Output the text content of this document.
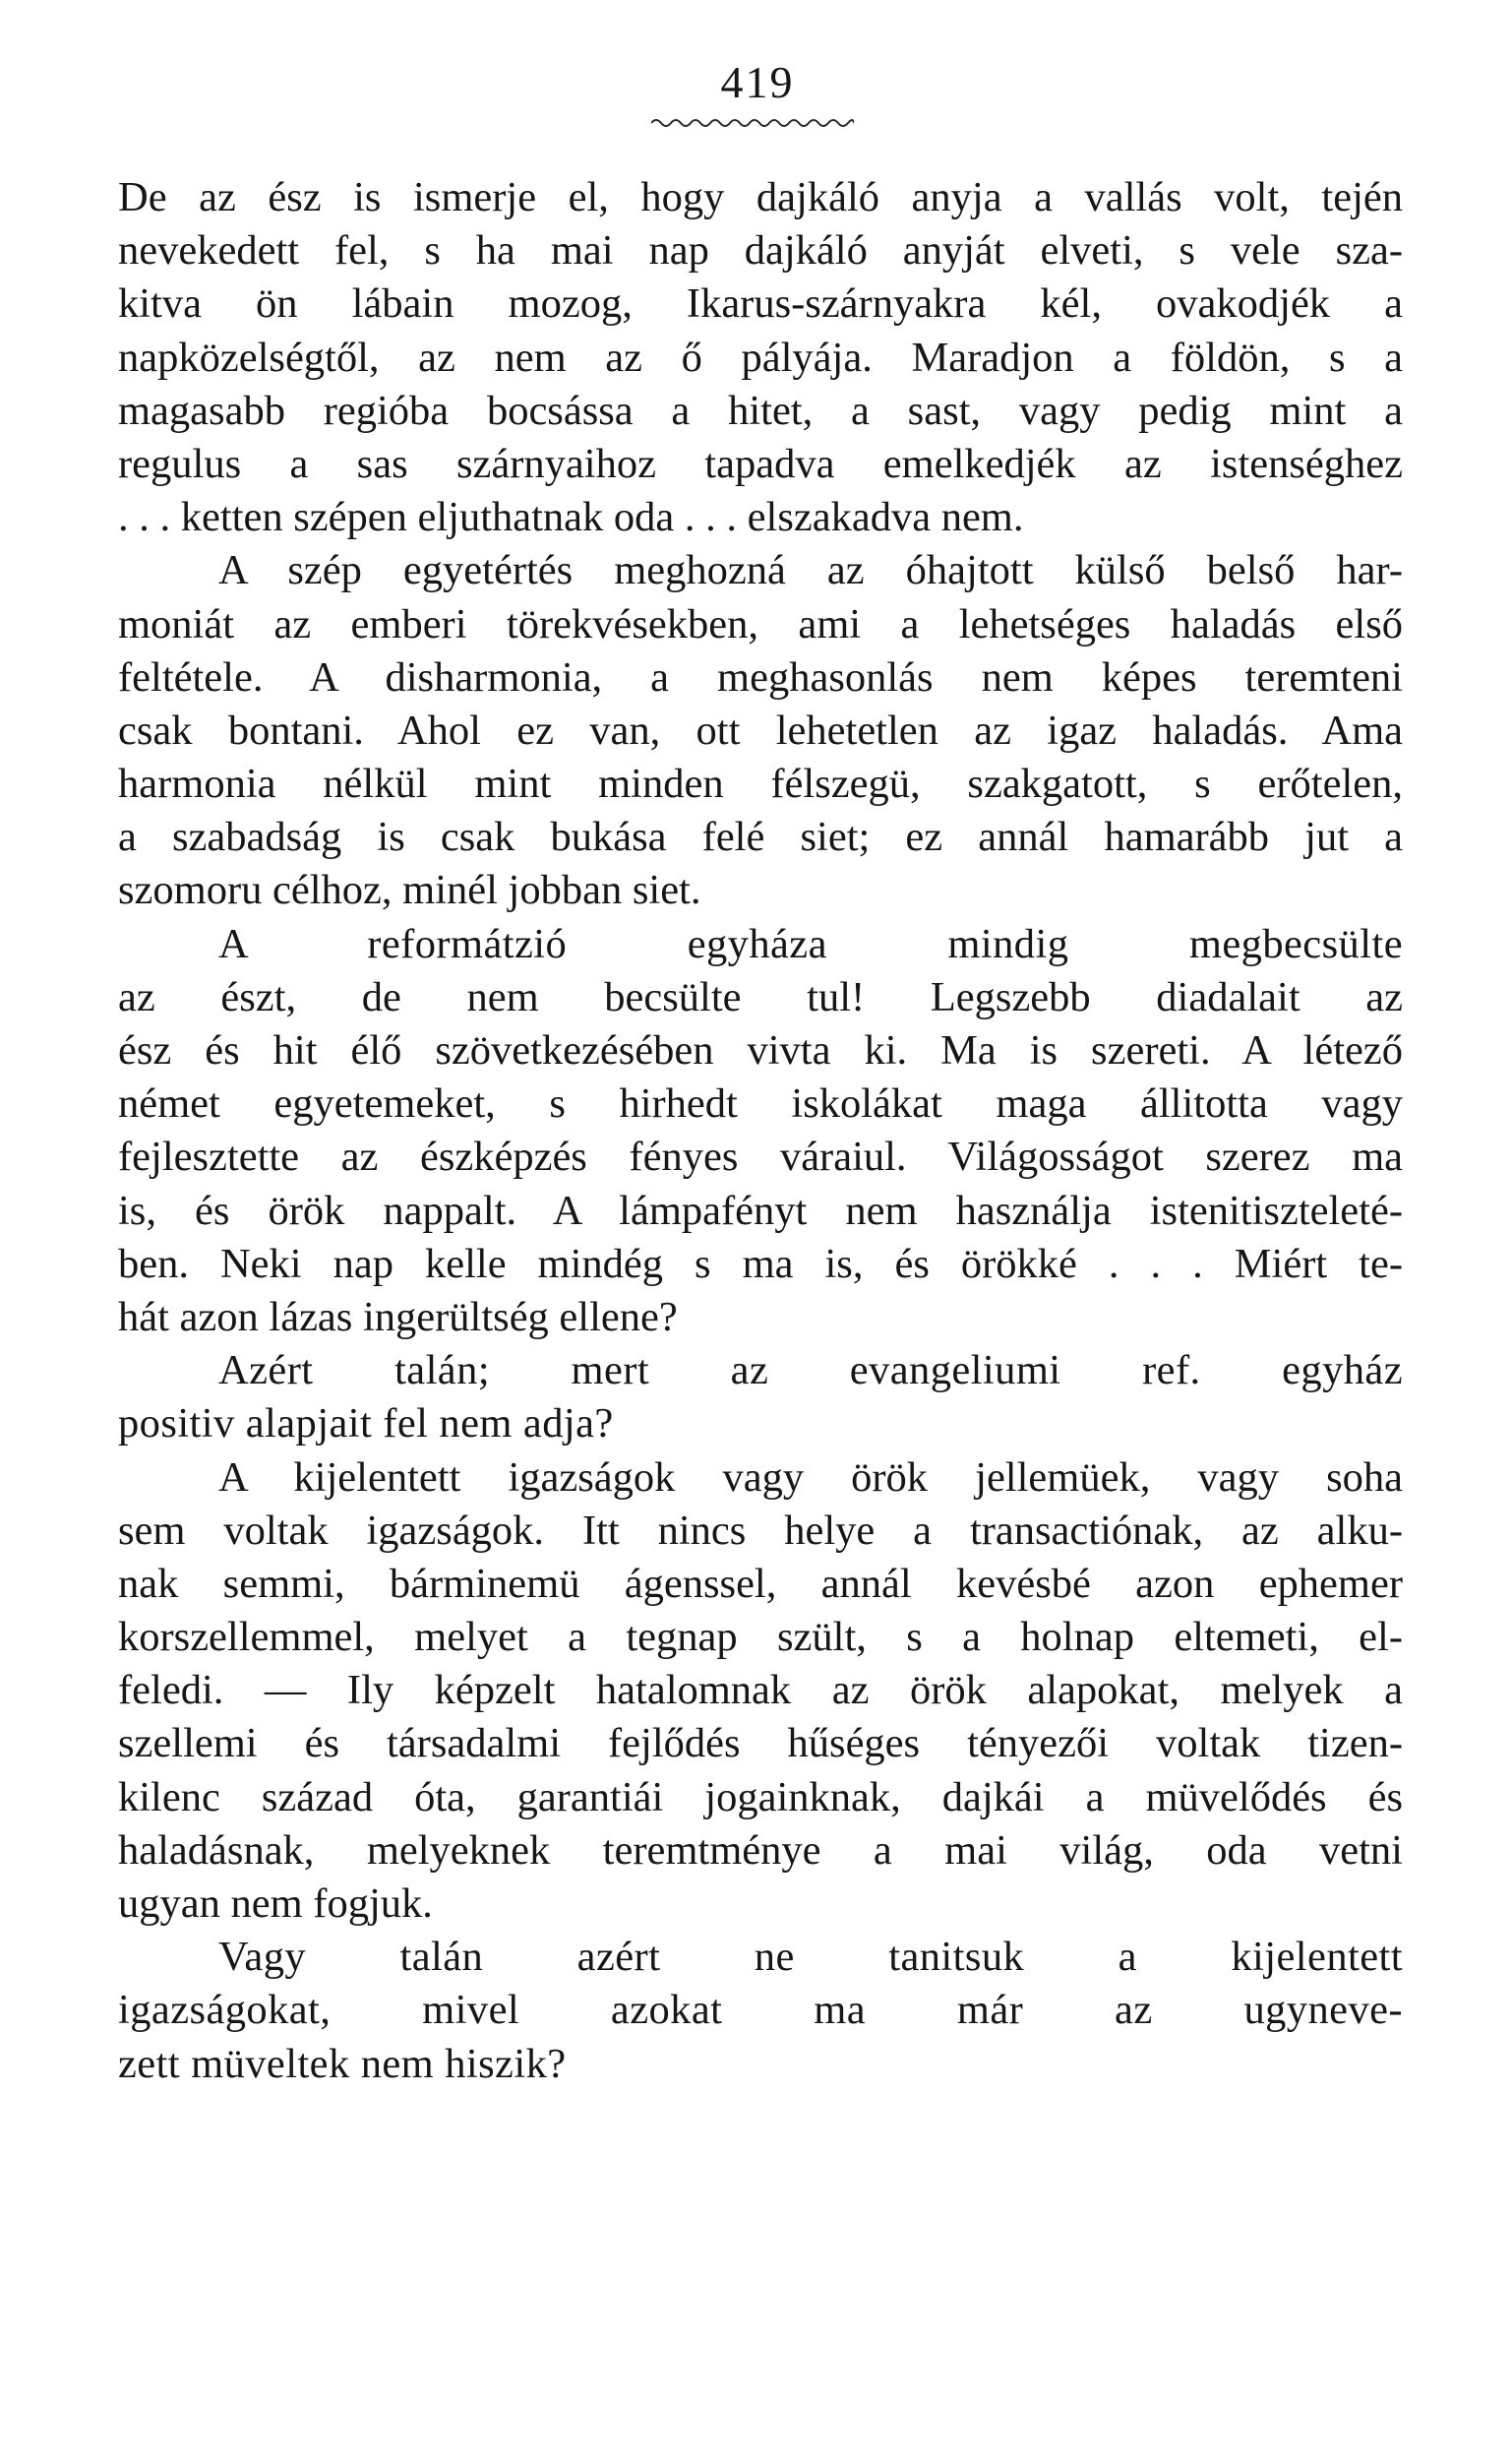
419
De az ész is ismerje el, hogy dajkáló anyja a vallás volt, tején
nevekedett fel, s ha mai nap dajkáló anyját elveti, s vele sza-
kitva ön lábain mozog, Ikarus-szárnyakra kél, ovakodjék a
napközelségtől, az nem az ő pályája. Maradjon a földön, s a
magasabb regióba bocsássa a hitet, a sast, vagy pedig mint a
regulus a sas szárnyaihoz tapadva emelkedjék az istenséghez
. . . ketten szépen eljuthatnak oda . . . elszakadva nem.
A szép egyetértés meghozná az óhajtott külső belső har-
moniát az emberi törekvésekben, ami a lehetséges haladás első
feltétele. A disharmonia, a meghasonlás nem képes teremteni
csak bontani. Ahol ez van, ott lehetetlen az igaz haladás. Ama
harmonia nélkül mint minden félszegü, szakgatott, s erőtelen,
a szabadság is csak bukása felé siet; ez annál hamarább jut a
szomoru célhoz, minél jobban siet.
A reformátzió egyháza mindig megbecsülte
az észt, de nem becsülte tul! Legszebb diadalait az
ész és hit élő szövetkezésében vivta ki. Ma is szereti. A létező
német egyetemeket, s hirhedt iskolákat maga állitotta vagy
fejlesztette az észképzés fényes váraiul. Világosságot szerez ma
is, és örök nappalt. A lámpafényt nem használja istenitiszteleté-
ben. Neki nap kelle mindég s ma is, és örökké . . . Miért te-
hát azon lázas ingerültség ellene?
Azért talán; mert az evangeliumi ref. egyház
positiv alapjait fel nem adja?
A kijelentett igazságok vagy örök jellemüek, vagy soha
sem voltak igazságok. Itt nincs helye a transactiónak, az alku-
nak semmi, bárminemü ágenssel, annál kevésbé azon ephemer
korszellemmel, melyet a tegnap szült, s a holnap eltemeti, el-
feledi. — Ily képzelt hatalomnak az örök alapokat, melyek a
szellemi és társadalmi fejlődés hűséges tényezői voltak tizen-
kilenc század óta, garantiái jogainknak, dajkái a müvelődés és
haladásnak, melyeknek teremtménye a mai világ, oda vetni
ugyan nem fogjuk.
Vagy talán azért ne tanitsuk a kijelentett
igazságokat, mivel azokat ma már az ugyneve-
zett müveltek nem hiszik?
